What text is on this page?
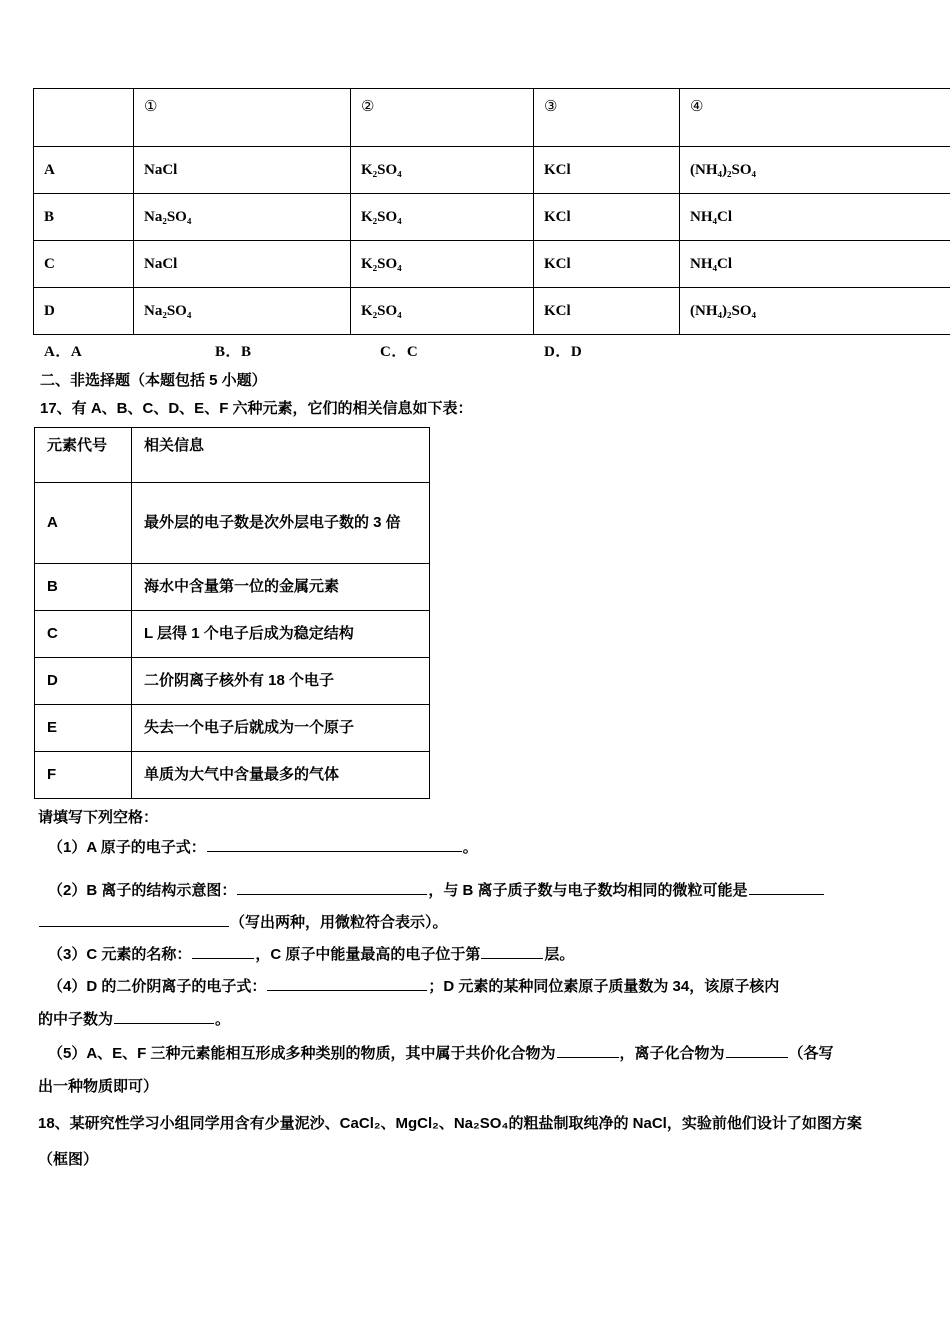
	①	②	③	④
A	NaCl	K₂SO₄	KCl	(NH₄)₂SO₄
B	Na₂SO₄	K₂SO₄	KCl	NH₄Cl
C	NaCl	K₂SO₄	KCl	NH₄Cl
D	Na₂SO₄	K₂SO₄	KCl	(NH₄)₂SO₄
A．A	B．B	C．C	D．D
二、非选择题（本题包括 5 小题）
17、有 A、B、C、D、E、F 六种元素，它们的相关信息如下表：
元素代号	相关信息
A	最外层的电子数是次外层电子数的 3 倍
B	海水中含量第一位的金属元素
C	L 层得 1 个电子后成为稳定结构
D	二价阴离子核外有 18 个电子
E	失去一个电子后就成为一个原子
F	单质为大气中含量最多的气体
请填写下列空格：
（1）A 原子的电子式：	。
（2）B 离子的结构示意图：	，与 B 离子质子数与电子数均相同的微粒可能是
（写出两种，用微粒符合表示）。
（3）C 元素的名称：	，C 原子中能量最高的电子位于第	层。
（4）D 的二价阴离子的电子式：	；D 元素的某种同位素原子质量数为 34，该原子核内
的中子数为	。
（5）A、E、F 三种元素能相互形成多种类别的物质，其中属于共价化合物为	，离子化合物为	（各写
出一种物质即可）
18、某研究性学习小组同学用含有少量泥沙、CaCl₂、MgCl₂、Na₂SO₄的粗盐制取纯净的 NaCl，实验前他们设计了如图方案
（框图）
